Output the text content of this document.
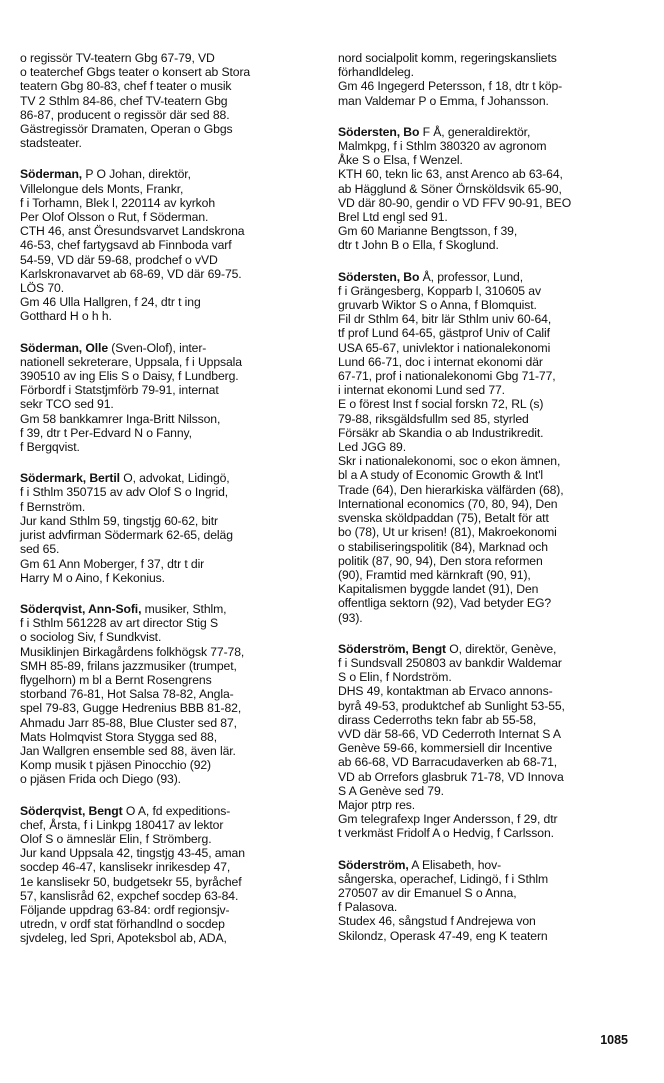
o regissör TV-teatern Gbg 67-79, VD
o teaterchef Gbgs teater o konsert ab Stora
teatern Gbg 80-83, chef f teater o musik
TV 2 Sthlm 84-86, chef TV-teatern Gbg
86-87, producent o regissör där sed 88.
Gästregissör Dramaten, Operan o Gbgs
stadsteater.
Söderman, P O Johan, direktör,
Villelongue dels Monts, Frankr,
f i Torhamn, Blek l, 220114 av kyrkoh
Per Olof Olsson o Rut, f Söderman.
CTH 46, anst Öresundsvarvet Landskrona
46-53, chef fartygsavd ab Finnboda varf
54-59, VD där 59-68, prodchef o vVD
Karlskronavarvet ab 68-69, VD där 69-75.
LÖS 70.
Gm 46 Ulla Hallgren, f 24, dtr t ing
Gotthard H o h h.
Söderman, Olle (Sven-Olof), inter-
nationell sekreterare, Uppsala, f i Uppsala
390510 av ing Elis S o Daisy, f Lundberg.
Förbordf i Statstjmförb 79-91, internat
sekr TCO sed 91.
Gm 58 bankkamrer Inga-Britt Nilsson,
f 39, dtr t Per-Edvard N o Fanny,
f Bergqvist.
Södermark, Bertil O, advokat, Lidingö,
f i Sthlm 350715 av adv Olof S o Ingrid,
f Bernström.
Jur kand Sthlm 59, tingstjg 60-62, bitr
jurist advfirman Södermark 62-65, deläg
sed 65.
Gm 61 Ann Moberger, f 37, dtr t dir
Harry M o Aino, f Kekonius.
Söderqvist, Ann-Sofi, musiker, Sthlm,
f i Sthlm 561228 av art director Stig S
o sociolog Siv, f Sundkvist.
Musiklinjen Birkagårdens folkhögsk 77-78,
SMH 85-89, frilans jazzmusiker (trumpet,
flygelhorn) m bl a Bernt Rosengrens
storband 76-81, Hot Salsa 78-82, Angla-
spel 79-83, Gugge Hedrenius BBB 81-82,
Ahmadu Jarr 85-88, Blue Cluster sed 87,
Mats Holmqvist Stora Stygga sed 88,
Jan Wallgren ensemble sed 88, även lär.
Komp musik t pjäsen Pinocchio (92)
o pjäsen Frida och Diego (93).
Söderqvist, Bengt O A, fd expeditions-
chef, Årsta, f i Linkpg 180417 av lektor
Olof S o ämneslär Elin, f Strömberg.
Jur kand Uppsala 42, tingstjg 43-45, aman
socdep 46-47, kanslisekr inrikesdep 47,
1e kanslisekr 50, budgetsekr 55, byråchef
57, kanslisråd 62, expchef socdep 63-84.
Följande uppdrag 63-84: ordf regionsjv-
utredn, v ordf stat förhandlnd o socdep
sjvdeleg, led Spri, Apoteksbol ab, ADA,
nord socialpolit komm, regeringskansliets
förhandldeleg.
Gm 46 Ingegerd Petersson, f 18, dtr t köp-
man Valdemar P o Emma, f Johansson.
Södersten, Bo F Å, generaldirektör,
Malmkpg, f i Sthlm 380320 av agronom
Åke S o Elsa, f Wenzel.
KTH 60, tekn lic 63, anst Arenco ab 63-64,
ab Hägglund & Söner Örnsköldsvik 65-90,
VD där 80-90, gendir o VD FFV 90-91, BEO
Brel Ltd engl sed 91.
Gm 60 Marianne Bengtsson, f 39,
dtr t John B o Ella, f Skoglund.
Södersten, Bo Å, professor, Lund,
f i Grängesberg, Kopparb l, 310605 av
gruvarb Wiktor S o Anna, f Blomquist.
Fil dr Sthlm 64, bitr lär Sthlm univ 60-64,
tf prof Lund 64-65, gästprof Univ of Calif
USA 65-67, univlektor i nationalekonomi
Lund 66-71, doc i internat ekonomi där
67-71, prof i nationalekonomi Gbg 71-77,
i internat ekonomi Lund sed 77.
E o förest Inst f social forskn 72, RL (s)
79-88, riksgäldsfullm sed 85, styrled
Försäkr ab Skandia o ab Industrikredit.
Led JGG 89.
Skr i nationalekonomi, soc o ekon ämnen,
bl a A study of Economic Growth & Int'l
Trade (64), Den hierarkiska välfärden (68),
International economics (70, 80, 94), Den
svenska sköldpaddan (75), Betalt för att
bo (78), Ut ur krisen! (81), Makroekonomi
o stabiliseringspolitik (84), Marknad och
politik (87, 90, 94), Den stora reformen
(90), Framtid med kärnkraft (90, 91),
Kapitalismen byggde landet (91), Den
offentliga sektorn (92), Vad betyder EG?
(93).
Söderström, Bengt O, direktör, Genève,
f i Sundsvall 250803 av bankdir Waldemar
S o Elin, f Nordström.
DHS 49, kontaktman ab Ervaco annons-
byrå 49-53, produktchef ab Sunlight 53-55,
dirass Cederroths tekn fabr ab 55-58,
vVD där 58-66, VD Cederroth Internat S A
Genève 59-66, kommersiell dir Incentive
ab 66-68, VD Barracudaverken ab 68-71,
VD ab Orrefors glasbruk 71-78, VD Innova
S A Genève sed 79.
Major ptrp res.
Gm telegrafexp Inger Andersson, f 29, dtr
t verkmäst Fridolf A o Hedvig, f Carlsson.
Söderström, A Elisabeth, hov-
sångerska, operachef, Lidingö, f i Sthlm
270507 av dir Emanuel S o Anna,
f Palasova.
Studex 46, sångstud f Andrejewa von
Skilondz, Operask 47-49, eng K teatern
1085
